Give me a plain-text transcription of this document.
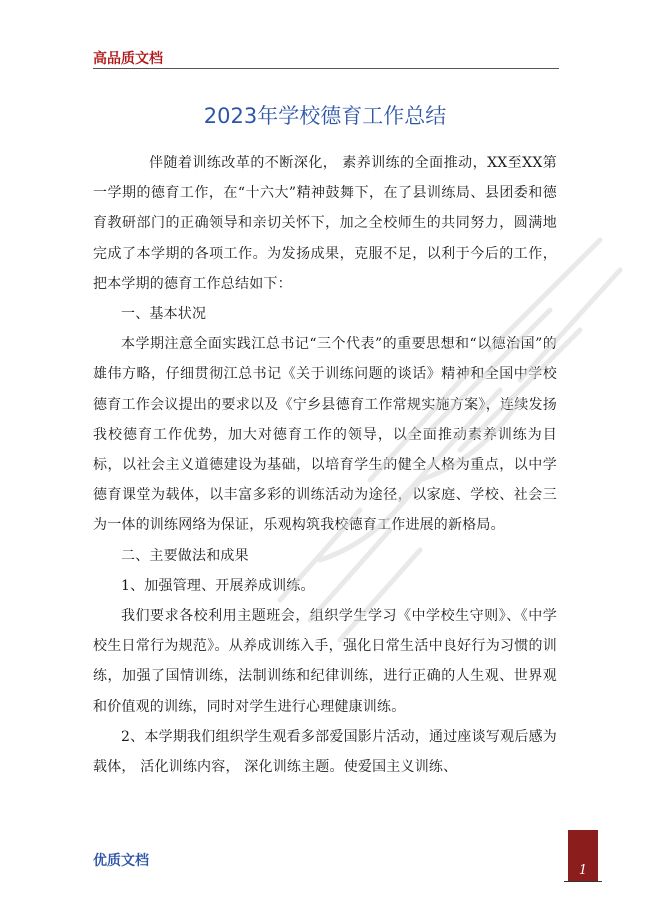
高品质文档
2023年学校德育工作总结

伴随着训练改革的不断深化， 素养训练的全面推动，XX至XX第一学期的德育工作，在“十六大”精神鼓舞下，在了县训练局、县团委和德育教研部门的正确领导和亲切关怀下，加之全校师生的共同努力，圆满地完成了本学期的各项工作。为发扬成果，克服不足，以利于今后的工作，把本学期的德育工作总结如下：

一、基本状况

本学期注意全面实践江总书记“三个代表”的重要思想和“以德治国”的雄伟方略，仔细贯彻江总书记《关于训练问题的谈话》精神和全国中学校德育工作会议提出的要求以及《宁乡县德育工作常规实施方案》，连续发扬我校德育工作优势，加大对德育工作的领导，以全面推动素养训练为目标，以社会主义道德建设为基础，以培育学生的健全人格为重点，以中学德育课堂为载体，以丰富多彩的训练活动为途径，以家庭、学校、社会三为一体的训练网络为保证，乐观构筑我校德育工作进展的新格局。

二、主要做法和成果

1、加强管理、开展养成训练。

我们要求各校利用主题班会，组织学生学习《中学校生守则》、《中学校生日常行为规范》。从养成训练入手，强化日常生活中良好行为习惯的训练，加强了国情训练，法制训练和纪律训练，进行正确的人生观、世界观和价值观的训练，同时对学生进行心理健康训练。

2、本学期我们组织学生观看多部爱国影片活动，通过座谈写观后感为载体， 活化训练内容， 深化训练主题。使爱国主义训练、

优质文档
1
